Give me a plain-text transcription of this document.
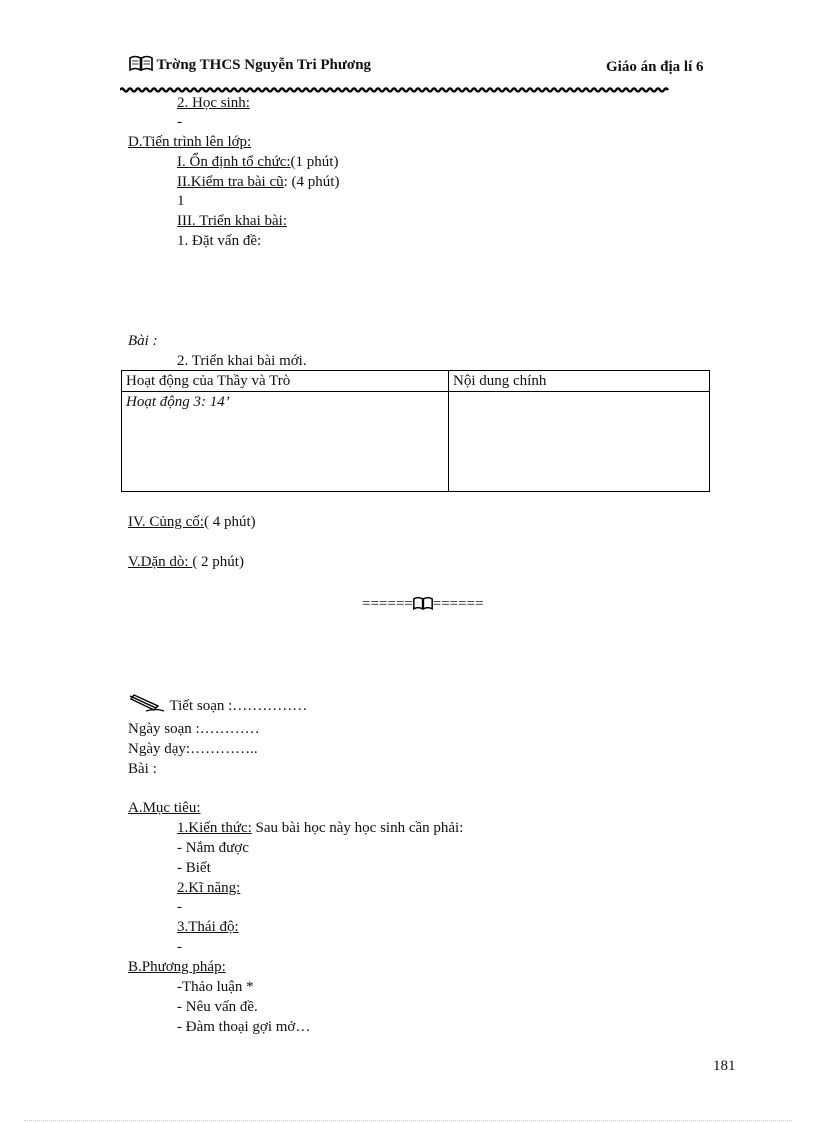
Trờng THCS Nguyễn Tri Phương	Giáo án địa lí 6
2. Học sinh:
-
D.Tiến trình lên lớp:
I. Ổn định tổ chức:(1 phút)
II.Kiểm tra bài cũ: (4 phút)
1
III. Triển khai bài:
1. Đặt vấn đề:
Bài :
2. Triển khai bài mới.
Hoạt động của Thầy và Trò	Nội dung chính
Hoạt động 3: 14’	
IV. Củng cố:( 4 phút)
V.Dặn dò: ( 2 phút)
====== ======
Tiết soạn :……………
Ngày soạn :…………
Ngày dạy:…………..
Bài :
A.Mục tiêu:
1.Kiến thức: Sau bài học này học sinh cần phải:
- Nắm được
- Biết
2.Kĩ năng:
-
3.Thái độ:
-
B.Phương pháp:
-Thảo luận *
- Nêu vấn đề.
- Đàm thoại gợi mở…
181
